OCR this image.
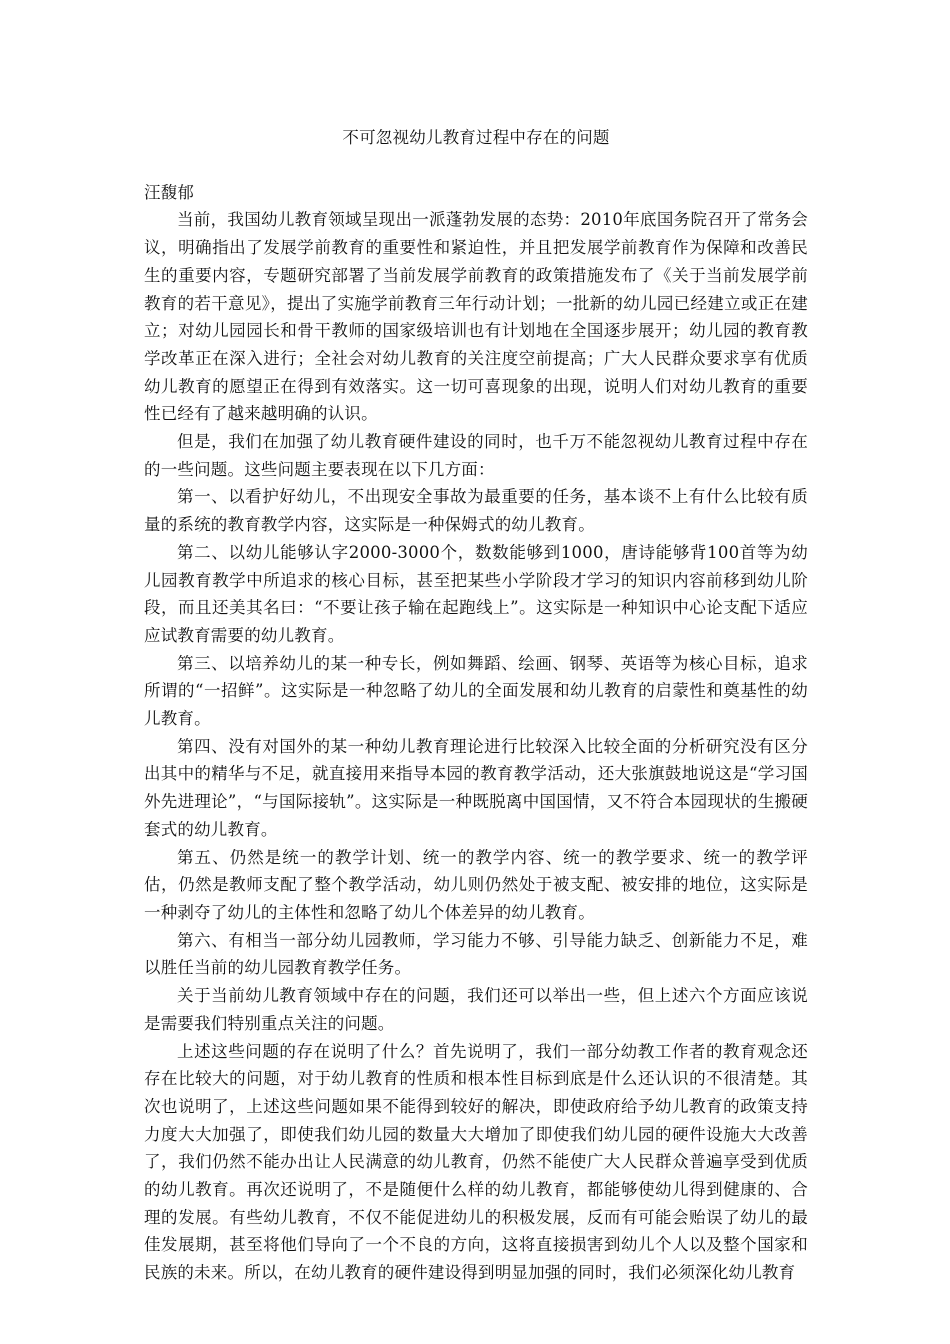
不可忽视幼儿教育过程中存在的问题

汪馥郁

当前，我国幼儿教育领域呈现出一派蓬勃发展的态势：2010年底国务院召开了常务会议，明确指出了发展学前教育的重要性和紧迫性，并且把发展学前教育作为保障和改善民生的重要内容，专题研究部署了当前发展学前教育的政策措施发布了《关于当前发展学前教育的若干意见》，提出了实施学前教育三年行动计划；一批新的幼儿园已经建立或正在建立；对幼儿园园长和骨干教师的国家级培训也有计划地在全国逐步展开；幼儿园的教育教学改革正在深入进行；全社会对幼儿教育的关注度空前提高；广大人民群众要求享有优质幼儿教育的愿望正在得到有效落实。这一切可喜现象的出现，说明人们对幼儿教育的重要性已经有了越来越明确的认识。

但是，我们在加强了幼儿教育硬件建设的同时，也千万不能忽视幼儿教育过程中存在的一些问题。这些问题主要表现在以下几方面：

第一、以看护好幼儿，不出现安全事故为最重要的任务，基本谈不上有什么比较有质量的系统的教育教学内容，这实际是一种保姆式的幼儿教育。

第二、以幼儿能够认字2000-3000个，数数能够到1000，唐诗能够背100首等为幼儿园教育教学中所追求的核心目标，甚至把某些小学阶段才学习的知识内容前移到幼儿阶段，而且还美其名曰：“不要让孩子输在起跑线上”。这实际是一种知识中心论支配下适应应试教育需要的幼儿教育。

第三、以培养幼儿的某一种专长，例如舞蹈、绘画、钢琴、英语等为核心目标，追求所谓的“一招鲜”。这实际是一种忽略了幼儿的全面发展和幼儿教育的启蒙性和奠基性的幼儿教育。

第四、没有对国外的某一种幼儿教育理论进行比较深入比较全面的分析研究没有区分出其中的精华与不足，就直接用来指导本园的教育教学活动，还大张旗鼓地说这是“学习国外先进理论”，“与国际接轨”。这实际是一种既脱离中国国情，又不符合本园现状的生搬硬套式的幼儿教育。

第五、仍然是统一的教学计划、统一的教学内容、统一的教学要求、统一的教学评估，仍然是教师支配了整个教学活动，幼儿则仍然处于被支配、被安排的地位，这实际是一种剥夺了幼儿的主体性和忽略了幼儿个体差异的幼儿教育。

第六、有相当一部分幼儿园教师，学习能力不够、引导能力缺乏、创新能力不足，难以胜任当前的幼儿园教育教学任务。

关于当前幼儿教育领域中存在的问题，我们还可以举出一些，但上述六个方面应该说是需要我们特别重点关注的问题。

上述这些问题的存在说明了什么？首先说明了，我们一部分幼教工作者的教育观念还存在比较大的问题，对于幼儿教育的性质和根本性目标到底是什么还认识的不很清楚。其次也说明了，上述这些问题如果不能得到较好的解决，即使政府给予幼儿教育的政策支持力度大大加强了，即使我们幼儿园的数量大大增加了即使我们幼儿园的硬件设施大大改善了，我们仍然不能办出让人民满意的幼儿教育，仍然不能使广大人民群众普遍享受到优质的幼儿教育。再次还说明了，不是随便什么样的幼儿教育，都能够使幼儿得到健康的、合理的发展。有些幼儿教育，不仅不能促进幼儿的积极发展，反而有可能会贻误了幼儿的最佳发展期，甚至将他们导向了一个不良的方向，这将直接损害到幼儿个人以及整个国家和民族的未来。所以，在幼儿教育的硬件建设得到明显加强的同时，我们必须深化幼儿教育
